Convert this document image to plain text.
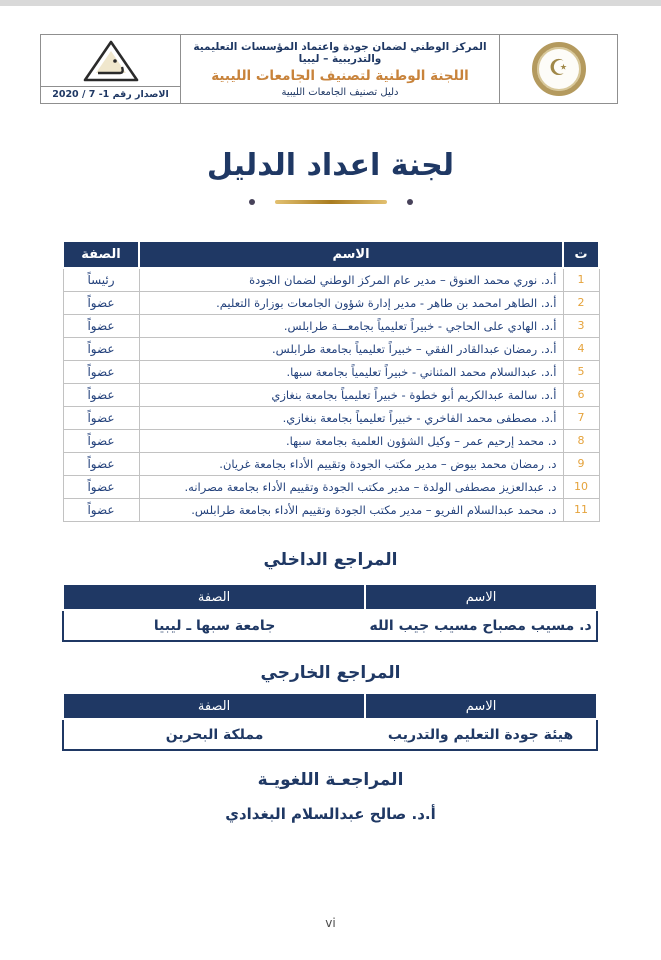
الاصدار رقم 1- 7 / 2020
المركز الوطني لضمان جودة واعتماد المؤسسات التعليمية والتدريبية – ليبيا
اللجنة الوطنية لتصنيف الجامعات الليبية
دليل تصنيف الجامعات الليبية
☪
لجنة اعداد الدليل
ت	الاسم	الصفة
1	أ.د. نوري محمد العنوق – مدير عام المركز الوطني لضمان الجودة	رئيساً
2	أ.د. الطاهر امحمد بن طاهر - مدير إدارة شؤون الجامعات بوزارة التعليم.	عضواً
3	أ.د. الهادي على الحاجي - خبيراً تعليمياً بجامعـــة طرابلس.	عضواً
4	أ.د. رمضان عبدالقادر الفقي – خبيراً تعليمياً بجامعة طرابلس.	عضواً
5	أ.د. عبدالسلام محمد المثناني - خبيراً تعليمياً بجامعة سبها.	عضواً
6	أ.د. سالمة عبدالكريم أبو خطوة - خبيراً تعليمياً بجامعة بنغازي	عضواً
7	أ.د. مصطفى محمد الفاخري - خبيراً تعليمياً بجامعة بنغازي.	عضواً
8	د. محمد إرحيم عمر – وكيل الشؤون العلمية بجامعة سبها.	عضواً
9	د. رمضان محمد بيوض – مدير مكتب الجودة وتقييم الأداء بجامعة غريان.	عضواً
10	د. عبدالعزيز مصطفى الولدة – مدير مكتب الجودة وتقييم الأداء بجامعة مصرانه.	عضواً
11	د. محمد عبدالسلام الفريو – مدير مكتب الجودة وتقييم الأداء بجامعة طرابلس.	عضواً
المراجع الداخلي
الاسم	الصفة
د. مسيب مصباح مسيب جيب الله	جامعة سبها ـ ليبيا
المراجع الخارجي
الاسم	الصفة
هيئة جودة التعليم والتدريب	مملكة البحرين
المراجعـة اللغويـة
أ.د. صالح عبدالسلام البغدادي
vi
